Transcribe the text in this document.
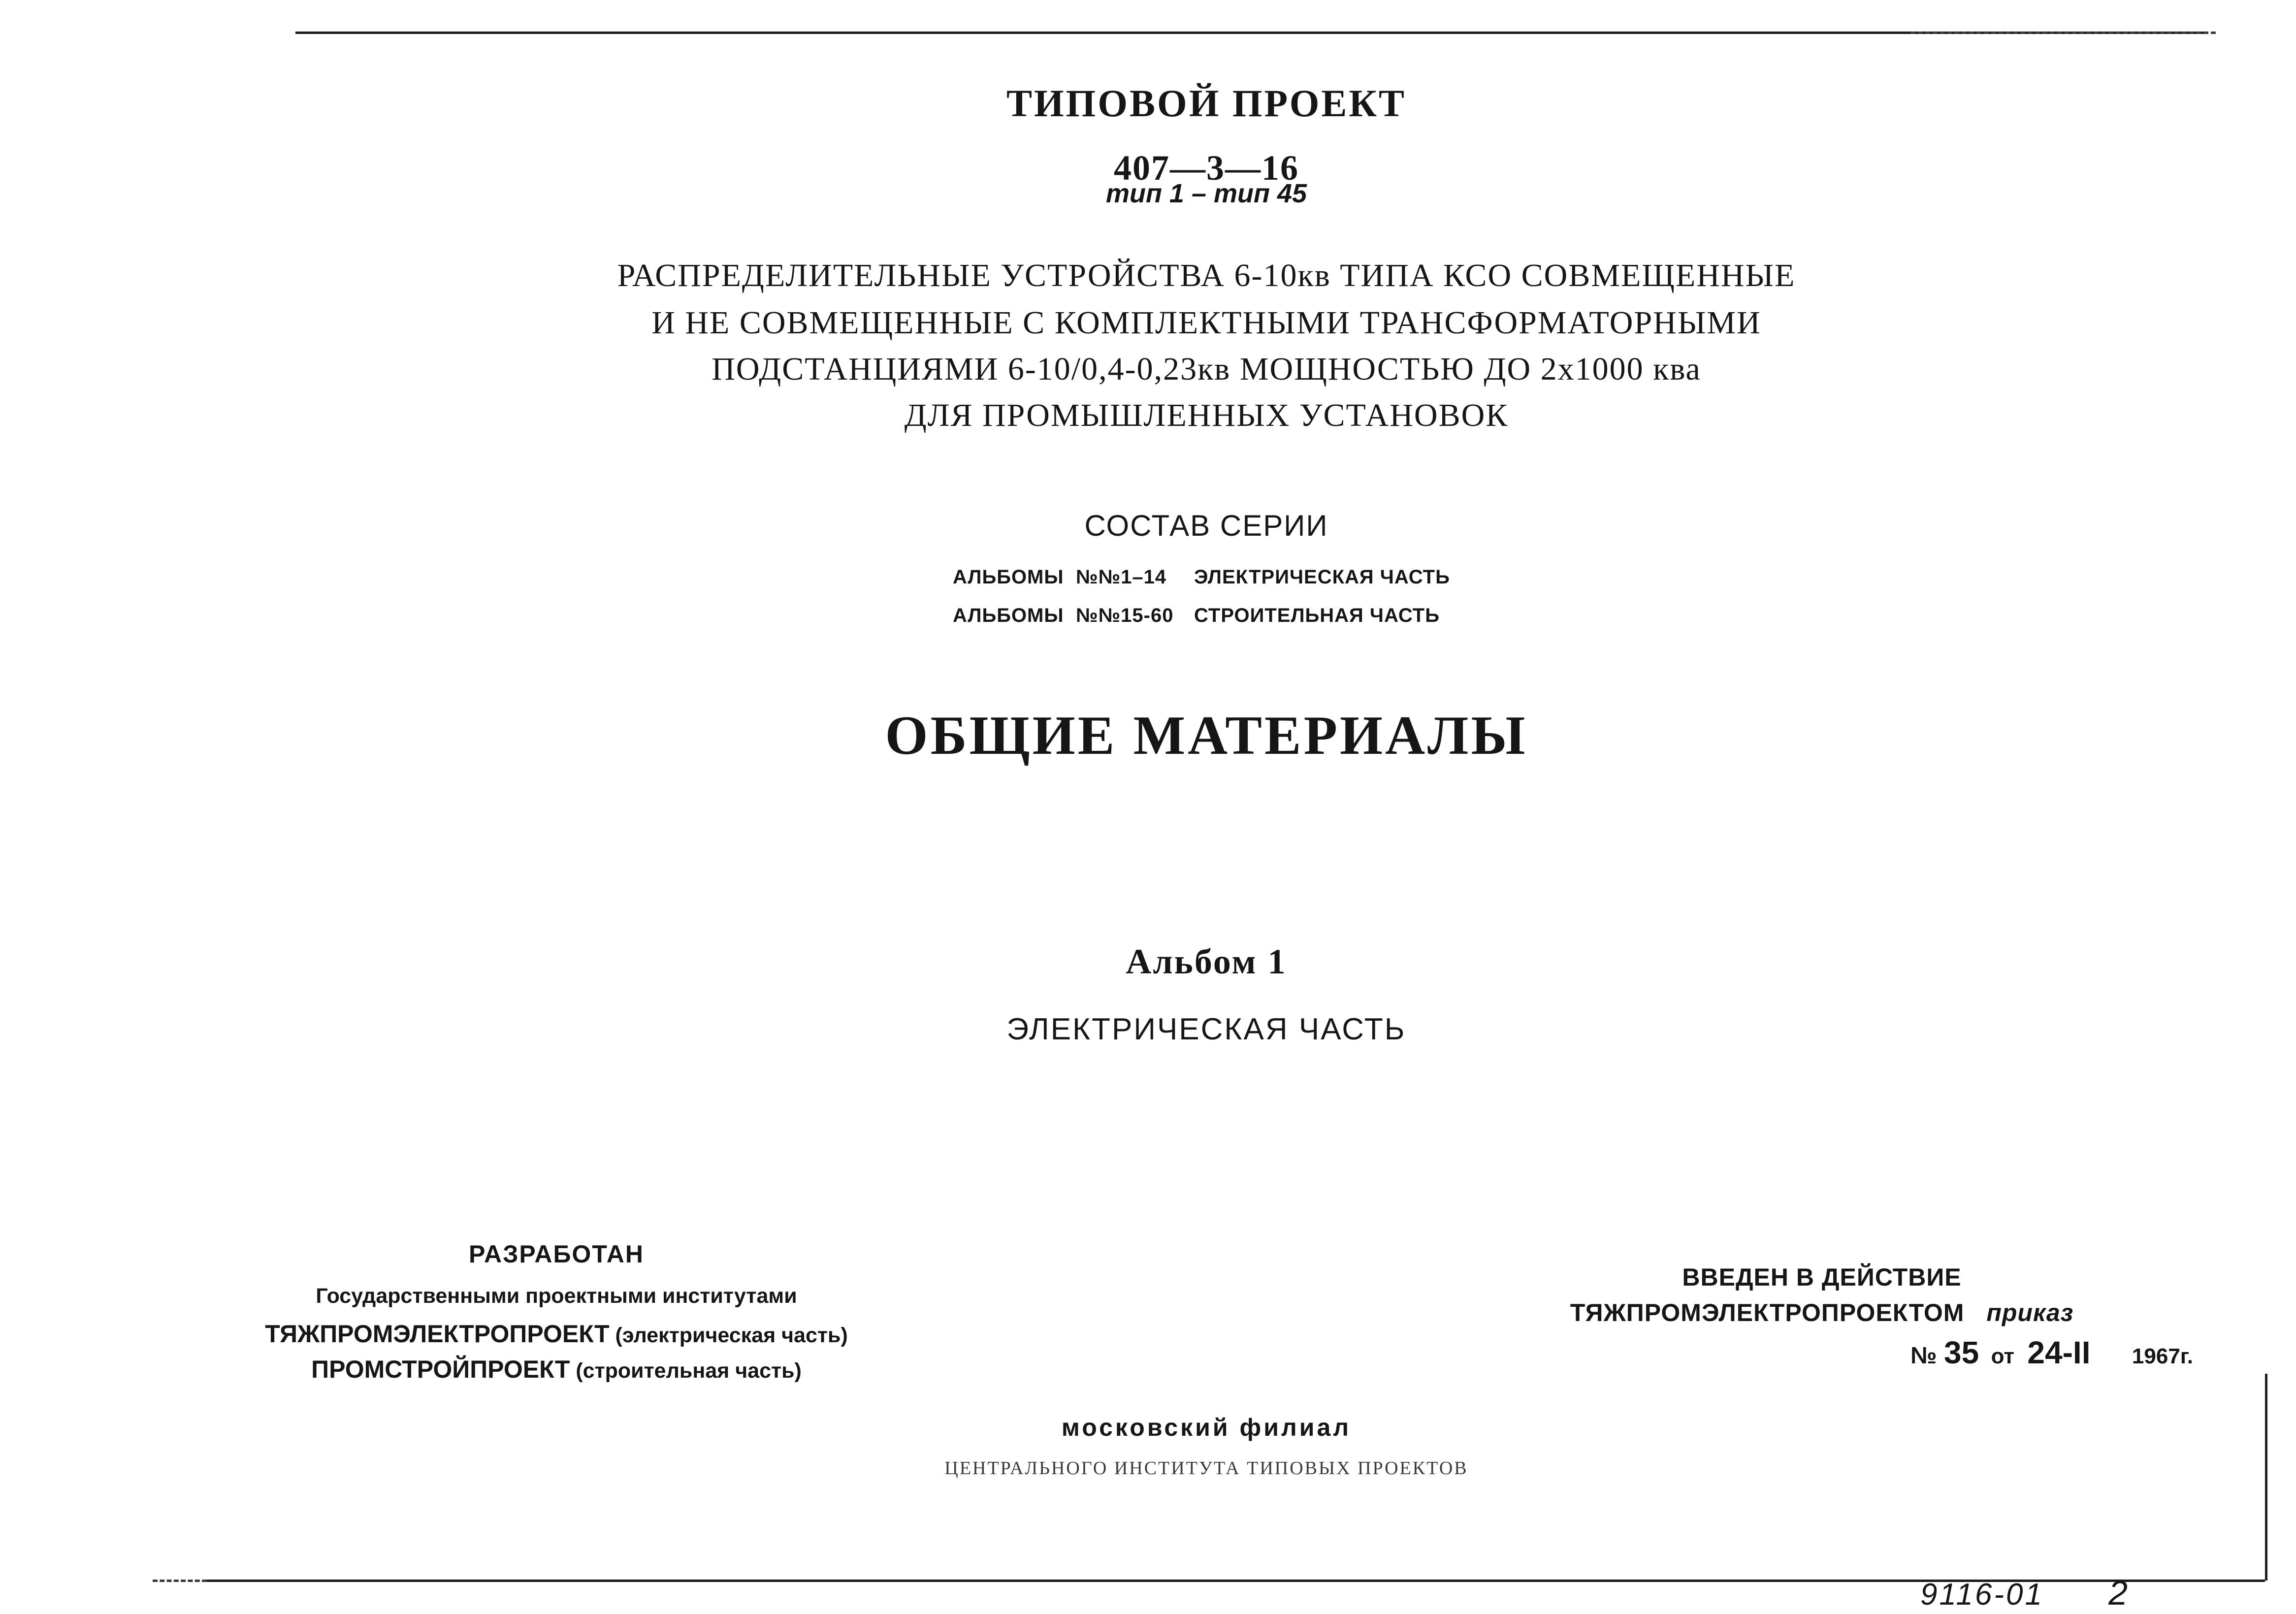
ТИПОВОЙ ПРОЕКТ
407—3—16
тип 1 – тип 45
РАСПРЕДЕЛИТЕЛЬНЫЕ УСТРОЙСТВА 6-10кв ТИПА КСО СОВМЕЩЕННЫЕ
И НЕ СОВМЕЩЕННЫЕ С КОМПЛЕКТНЫМИ ТРАНСФОРМАТОРНЫМИ
ПОДСТАНЦИЯМИ 6-10/0,4-0,23кв МОЩНОСТЬЮ ДО 2х1000 ква
ДЛЯ ПРОМЫШЛЕННЫХ УСТАНОВОК
СОСТАВ СЕРИИ
АЛЬБОМЫ №№1–14 ЭЛЕКТРИЧЕСКАЯ ЧАСТЬ
АЛЬБОМЫ №№15-60 СТРОИТЕЛЬНАЯ ЧАСТЬ
ОБЩИЕ МАТЕРИАЛЫ
Альбом 1
ЭЛЕКТРИЧЕСКАЯ ЧАСТЬ
РАЗРАБОТАН
Государственными проектными институтами
ТЯЖПРОМЭЛЕКТРОПРОЕКТ (электрическая часть)
ПРОМСТРОЙПРОЕКТ (строительная часть)
ВВЕДЕН В ДЕЙСТВИЕ
ТЯЖПРОМЭЛЕКТРОПРОЕКТОМ приказ
№ 35 от 24-II 1967г.
московский филиал
ЦЕНТРАЛЬНОГО ИНСТИТУТА ТИПОВЫХ ПРОЕКТОВ
9116-01 2
